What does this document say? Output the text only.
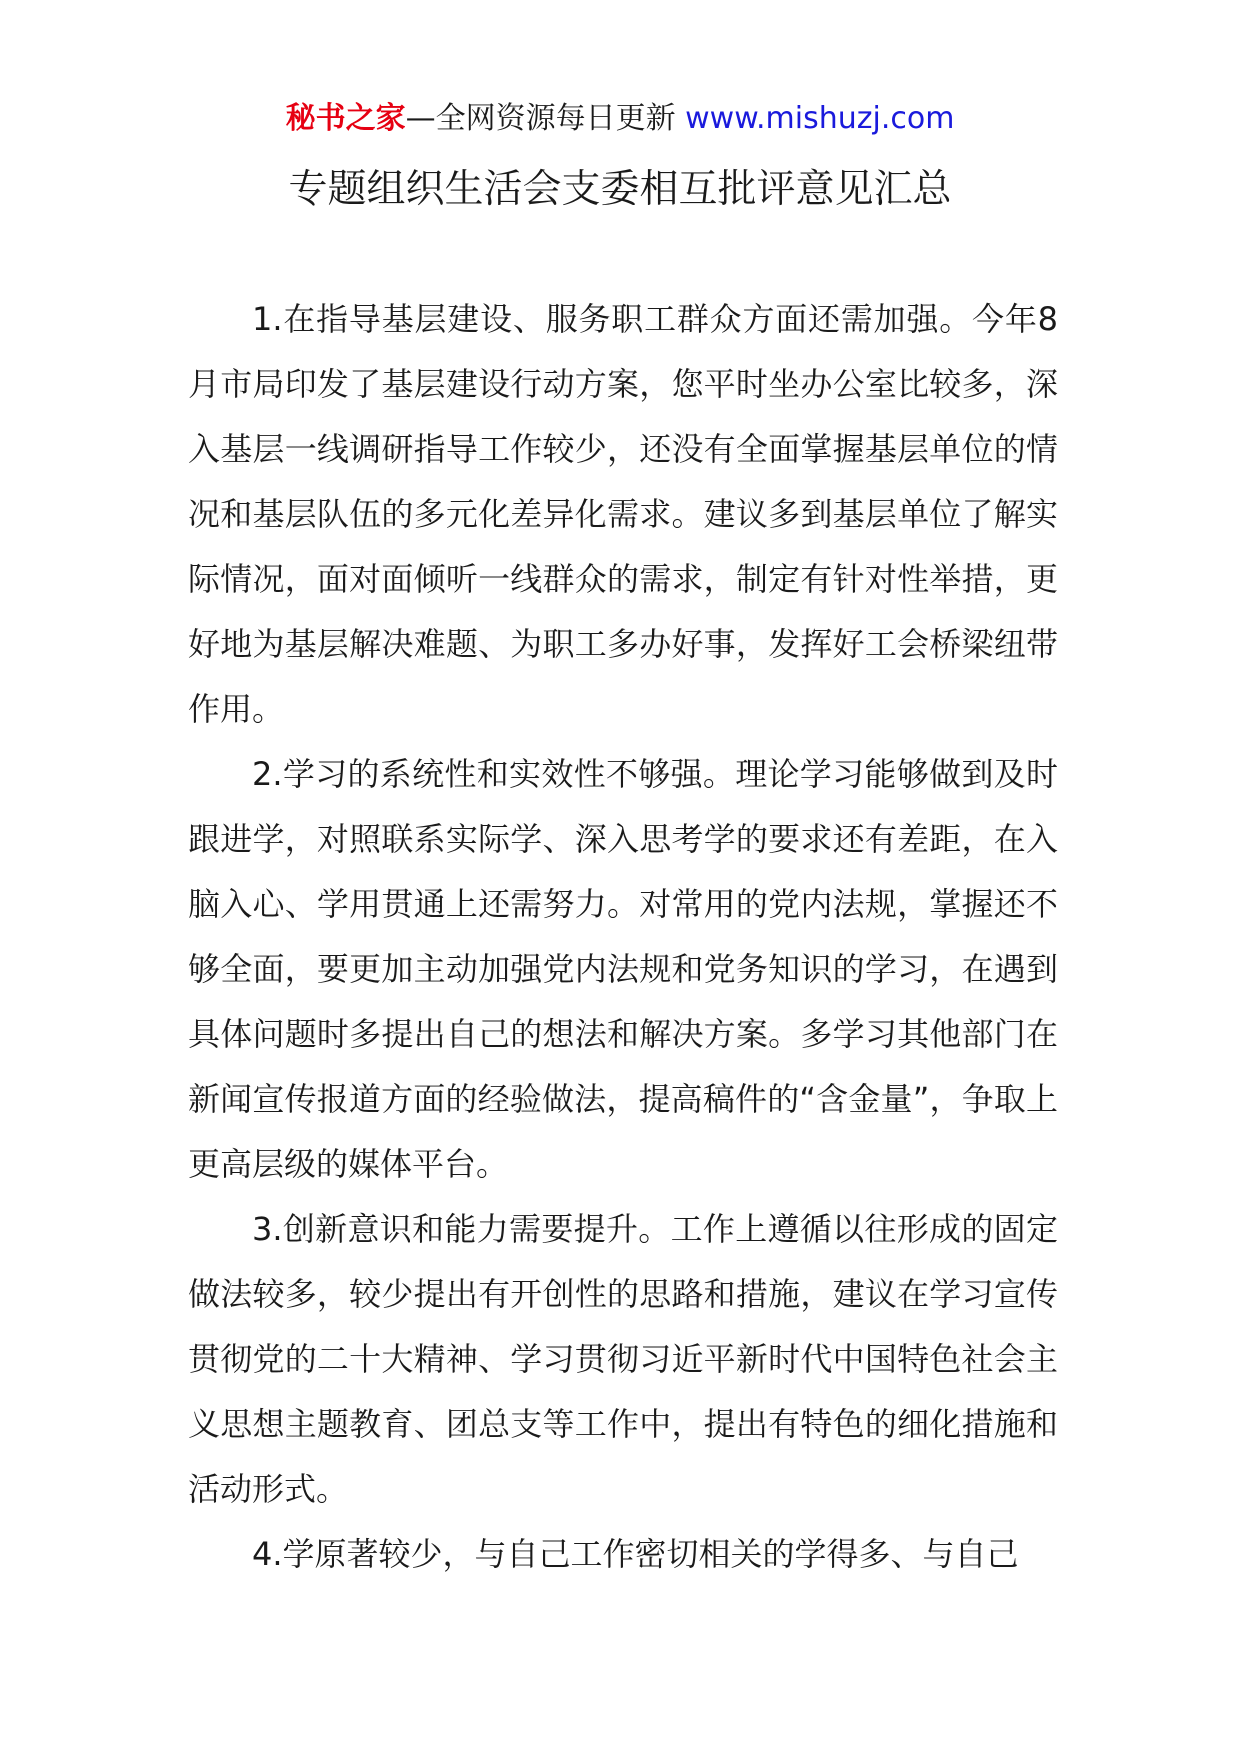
秘书之家—全网资源每日更新 www.mishuzj.com
专题组织生活会支委相互批评意见汇总

1.在指导基层建设、服务职工群众方面还需加强。今年8月市局印发了基层建设行动方案，您平时坐办公室比较多，深入基层一线调研指导工作较少，还没有全面掌握基层单位的情况和基层队伍的多元化差异化需求。建议多到基层单位了解实际情况，面对面倾听一线群众的需求，制定有针对性举措，更好地为基层解决难题、为职工多办好事，发挥好工会桥梁纽带作用。

2.学习的系统性和实效性不够强。理论学习能够做到及时跟进学，对照联系实际学、深入思考学的要求还有差距，在入脑入心、学用贯通上还需努力。对常用的党内法规，掌握还不够全面，要更加主动加强党内法规和党务知识的学习，在遇到具体问题时多提出自己的想法和解决方案。多学习其他部门在新闻宣传报道方面的经验做法，提高稿件的“含金量”，争取上更高层级的媒体平台。

3.创新意识和能力需要提升。工作上遵循以往形成的固定做法较多，较少提出有开创性的思路和措施，建议在学习宣传贯彻党的二十大精神、学习贯彻习近平新时代中国特色社会主义思想主题教育、团总支等工作中，提出有特色的细化措施和活动形式。

4.学原著较少，与自己工作密切相关的学得多、与自己
